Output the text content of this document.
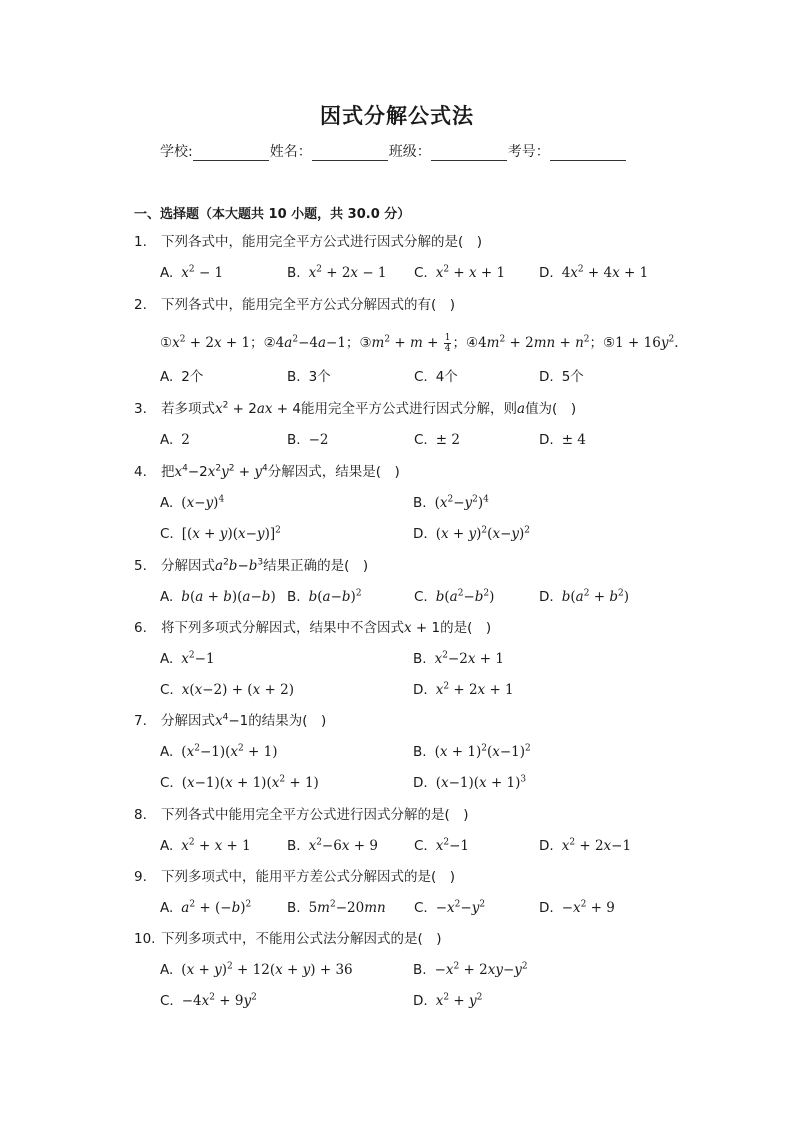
因式分解公式法
学校:	姓名：	班级：	考号：
一、选择题（本大题共 10 小题，共 30.0 分）
1. 下列各式中，能用完全平方公式进行因式分解的是(　)
A. $x^2 - 1$	B. $x^2 + 2x - 1$ C. $x^2 + x + 1$	D. $4x^2 + 4x + 1$
2. 下列各式中，能用完全平方公式分解因式的有(　)
$①x^2 + 2x + 1$；$②4a^2-4a-1$；$③m^2 + m + \frac{1}{4}$ ；$④4m^2 + 2mn + n^2$；⑤1 + $16y^2$.
A. 2个	B. 3个	C. 4个	D. 5个
3. 若多项式$x^2 + 2ax + 4$能用完全平方公式进行因式分解，则a值为(　)
A. 2	B. −2	C. ± 2	D. ± 4
4. 把$x^4-2x^2y^2 + y^4$分解因式，结果是(　)
A. $(x-y)^4$	B. $(x^2-y^2)^4$
C. $[(x + y)(x-y)]^2$	D. $(x + y)^2(x-y)^2$
5. 分解因式$a^2b-b^3$结果正确的是(　)
A. b(a + b)(a−b) B. $b(a-b)^2$	C. $b(a^2-b^2)$	D. $b(a^2 + b^2)$
6. 将下列多项式分解因式，结果中不含因式x + 1的是(　)
A. $x^2-1$	B. $x^2-2x + 1$
C. x(x−2) + (x + 2)	D. $x^2 + 2x + 1$
7. 分解因式$x^4-1$的结果为(　)
A. $(x^2-1)(x^2 + 1)$	B. $(x + 1)^2(x-1)^2$
C. $(x-1)(x + 1)(x^2 + 1)$	D. $(x-1)(x + 1)^3$
8. 下列各式中能用完全平方公式进行因式分解的是(　)
A. $x^2 + x + 1$	B. $x^2-6x + 9$	C. $x^2-1$	D. $x^2 + 2x-1$
9. 下列多项式中，能用平方差公式分解因式的是(　)
A. $a^2 + (-b)^2$	B. $5m^2-20mn$ C. $-x^2-y^2$	D. $-x^2 + 9$
10. 下列多项式中，不能用公式法分解因式的是(　)
A. $(x + y)^2 + 12(x + y) + 36$	B. $-x^2 + 2xy-y^2$
C. $-4x^2 + 9y^2$	D. $x^2 + y^2$
